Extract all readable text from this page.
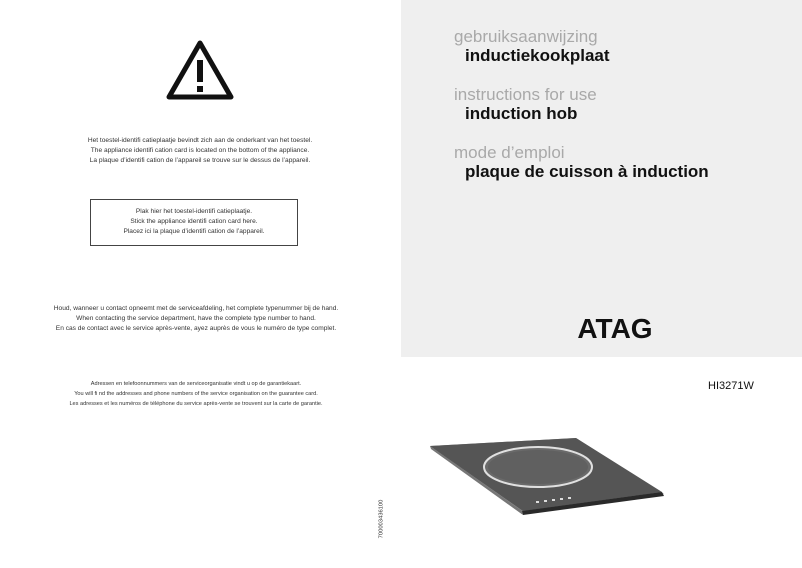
Het toestel-identifi catieplaatje bevindt zich aan de onderkant van het toestel.
The appliance identifi cation card is located on the bottom of the appliance.
La plaque d’identifi cation de l’appareil se trouve sur le dessus de l’appareil.
Plak hier het toestel-identifi catieplaatje.
Stick the appliance identifi cation card here.
Placez ici la plaque d’identifi cation de l’appareil.
Houd, wanneer u contact opneemt met de serviceafdeling, het complete typenummer bij de hand.
When contacting the service department, have the complete type number to hand.
En cas de contact avec le service après-vente, ayez auprès de vous le numéro de type complet.
Adressen en telefoonnummers van de serviceorganisatie vindt u op de garantiekaart.
You will fi nd the addresses and phone numbers of the service organisation on the guarantee card.
Les adresses et les numéros de téléphone du service après-vente se trouvent sur la carte de garantie.
700003436100
gebruiksaanwijzing
inductiekookplaat
instructions for use
induction hob
mode d’emploi
plaque de cuisson à induction
ATAG
HI3271W
